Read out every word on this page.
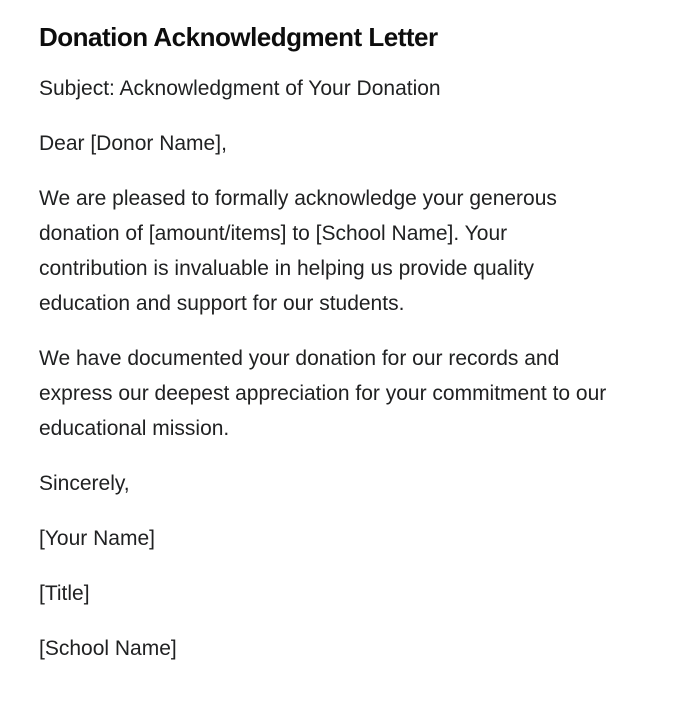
Donation Acknowledgment Letter

Subject: Acknowledgment of Your Donation

Dear [Donor Name],

We are pleased to formally acknowledge your generous donation of [amount/items] to [School Name]. Your contribution is invaluable in helping us provide quality education and support for our students.

We have documented your donation for our records and express our deepest appreciation for your commitment to our educational mission.

Sincerely,

[Your Name]

[Title]

[School Name]
